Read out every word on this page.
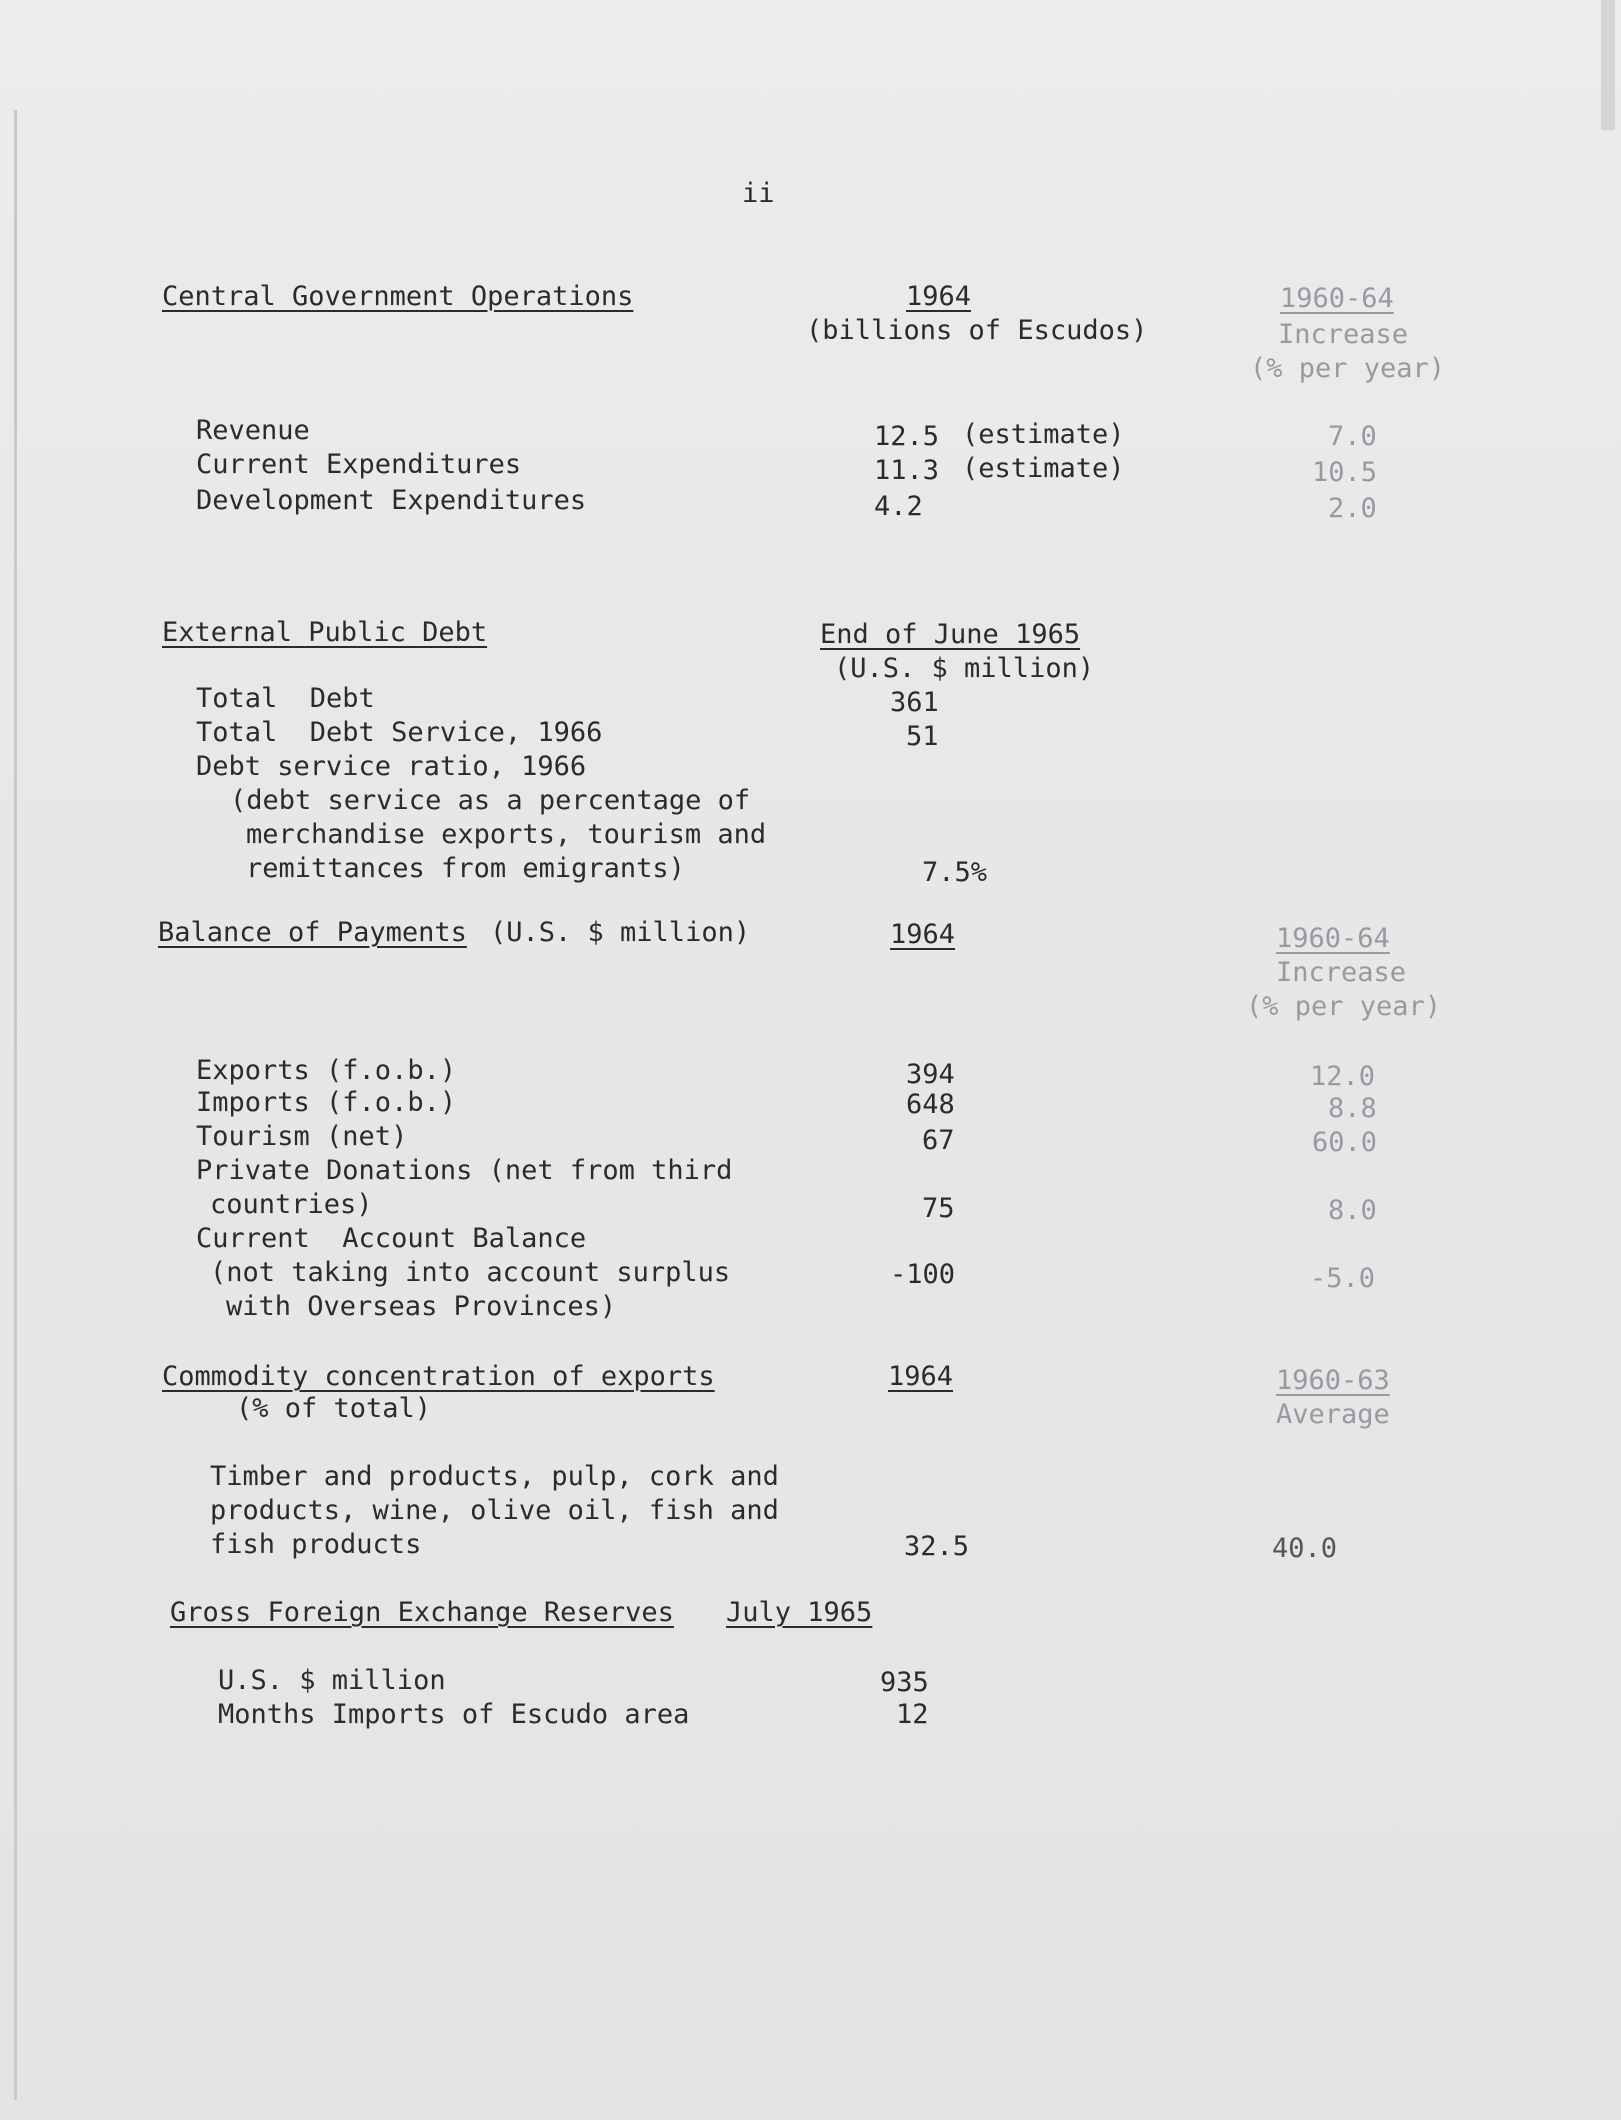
ii
Central Government Operations	1964
(billions of Escudos)
1960-64
Increase
(% per year)
Revenue	12.5 (estimate)	7.0
Current Expenditures	11.3 (estimate)	10.5
Development Expenditures	4.2	2.0
External Public Debt	End of June 1965
(U.S. $ million)
Total  Debt	361
Total  Debt Service, 1966	51
Debt service ratio, 1966
(debt service as a percentage of
merchandise exports, tourism and
remittances from emigrants)	7.5%
Balance of Payments (U.S. $ million)	1964	1960-64
Increase
(% per year)
Exports (f.o.b.)	394	12.0
Imports (f.o.b.)	648	8.8
Tourism (net)	67	60.0
Private Donations (net from third
countries)	75	8.0
Current  Account Balance
(not taking into account surplus
with Overseas Provinces)
-100	-5.0
Commodity concentration of exports
(% of total)
1964	1960-63
Average
Timber and products, pulp, cork and
products, wine, olive oil, fish and
fish products	32.5	40.0
Gross Foreign Exchange Reserves July 1965
U.S. $ million	935
Months Imports of Escudo area	12
